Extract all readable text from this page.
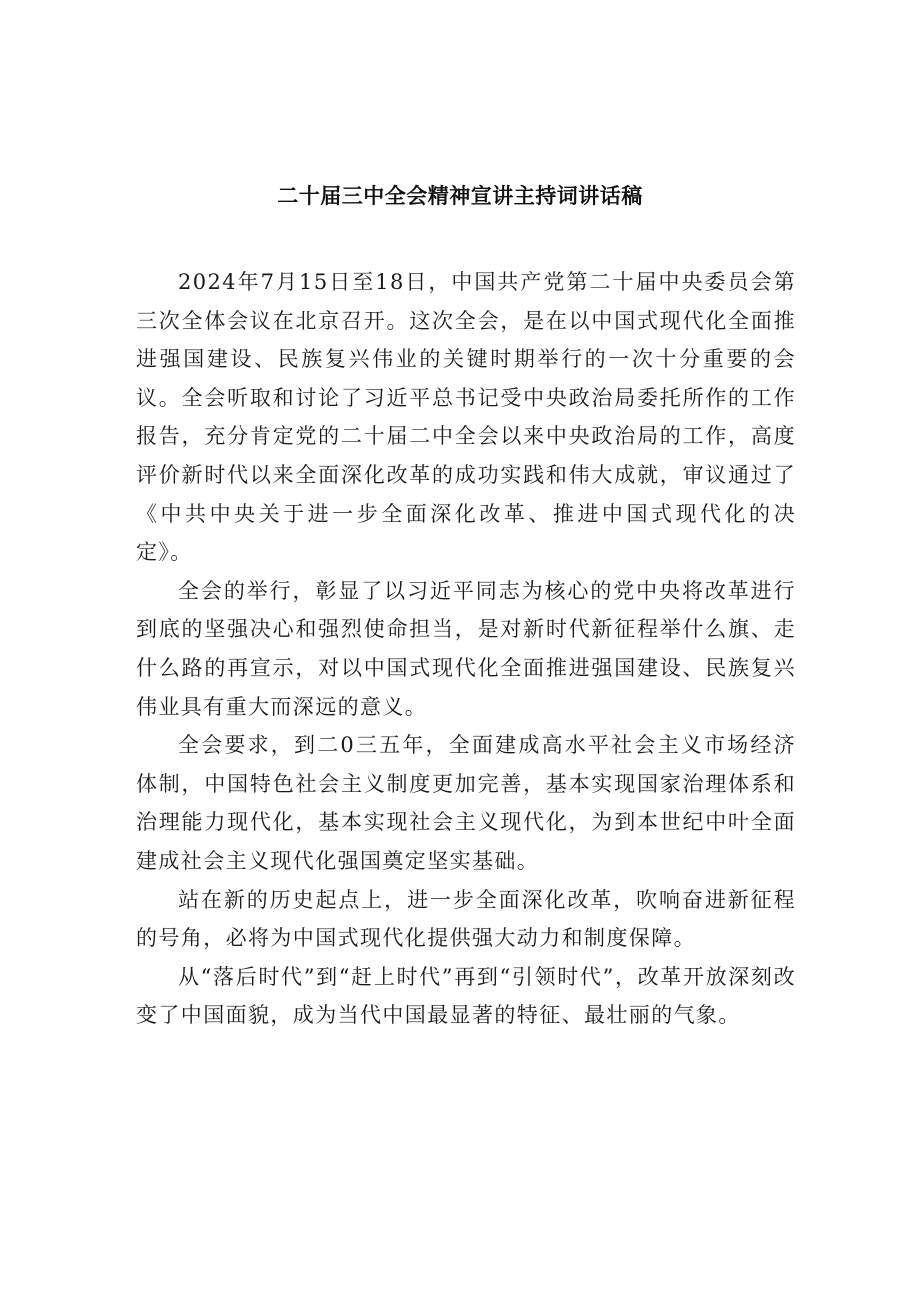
二十届三中全会精神宣讲主持词讲话稿

2024年7月15日至18日，中国共产党第二十届中央委员会第三次全体会议在北京召开。这次全会，是在以中国式现代化全面推进强国建设、民族复兴伟业的关键时期举行的一次十分重要的会议。全会听取和讨论了习近平总书记受中央政治局委托所作的工作报告，充分肯定党的二十届二中全会以来中央政治局的工作，高度评价新时代以来全面深化改革的成功实践和伟大成就，审议通过了《中共中央关于进一步全面深化改革、推进中国式现代化的决定》。

全会的举行，彰显了以习近平同志为核心的党中央将改革进行到底的坚强决心和强烈使命担当，是对新时代新征程举什么旗、走什么路的再宣示，对以中国式现代化全面推进强国建设、民族复兴伟业具有重大而深远的意义。

全会要求，到二0三五年，全面建成高水平社会主义市场经济体制，中国特色社会主义制度更加完善，基本实现国家治理体系和治理能力现代化，基本实现社会主义现代化，为到本世纪中叶全面建成社会主义现代化强国奠定坚实基础。

站在新的历史起点上，进一步全面深化改革，吹响奋进新征程的号角，必将为中国式现代化提供强大动力和制度保障。

从“落后时代”到“赶上时代”再到“引领时代”，改革开放深刻改变了中国面貌，成为当代中国最显著的特征、最壮丽的气象。
